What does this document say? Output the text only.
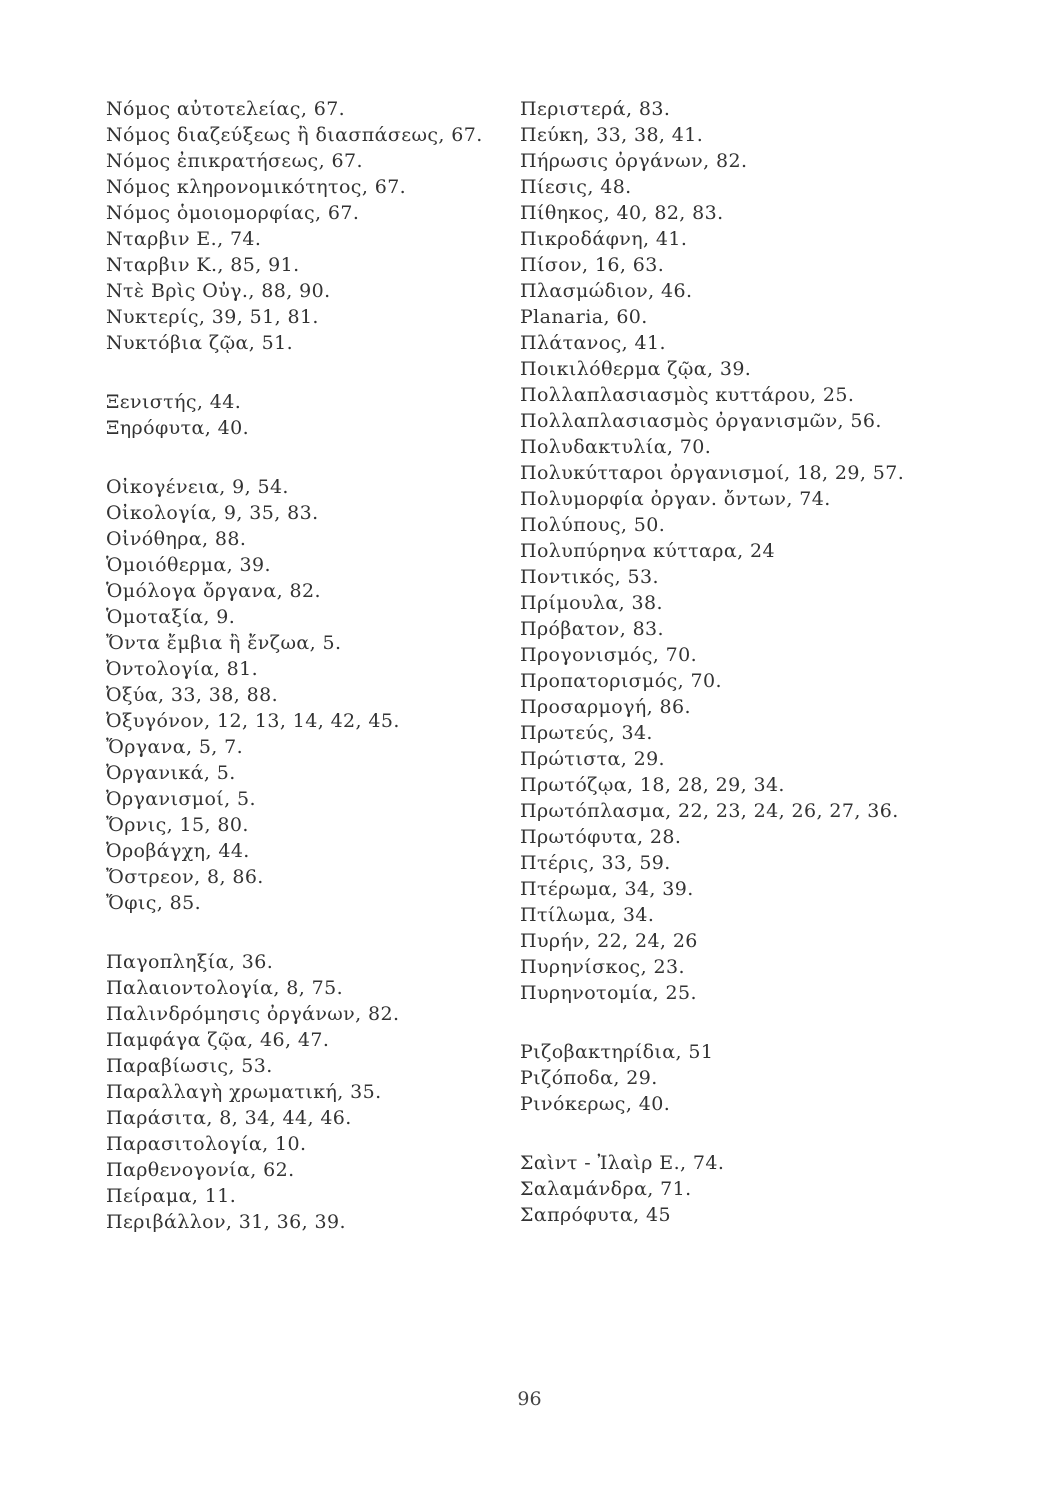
Νόμος αὐτοτελείας, 67.
Νόμος διαζεύξεως ἢ διασπάσεως, 67.
Νόμος ἐπικρατήσεως, 67.
Νόμος κληρονομικότητος, 67.
Νόμος ὁμοιομορφίας, 67.
Νταρβιν Ε., 74.
Νταρβιν Κ., 85, 91.
Ντὲ Βρὶς Οὐγ., 88, 90.
Νυκτερίς, 39, 51, 81.
Νυκτόβια ζῷα, 51.
Ξενιστής, 44.
Ξηρόφυτα, 40.
Οἰκογένεια, 9, 54.
Οἰκολογία, 9, 35, 83.
Οἰνόθηρα, 88.
Ὁμοιόθερμα, 39.
Ὁμόλογα ὄργανα, 82.
Ὁμοταξία, 9.
Ὄντα ἔμβια ἢ ἔνζωα, 5.
Ὀντολογία, 81.
Ὀξύα, 33, 38, 88.
Ὀξυγόνον, 12, 13, 14, 42, 45.
Ὄργανα, 5, 7.
Ὀργανικά, 5.
Ὀργανισμοί, 5.
Ὄρνις, 15, 80.
Ὀροβάγχη, 44.
Ὄστρεον, 8, 86.
Ὄφις, 85.
Παγοπληξία, 36.
Παλαιοντολογία, 8, 75.
Παλινδρόμησις ὀργάνων, 82.
Παμφάγα ζῷα, 46, 47.
Παραβίωσις, 53.
Παραλλαγὴ χρωματική, 35.
Παράσιτα, 8, 34, 44, 46.
Παρασιτολογία, 10.
Παρθενογονία, 62.
Πείραμα, 11.
Περιβάλλον, 31, 36, 39.
Περιστερά, 83.
Πεύκη, 33, 38, 41.
Πήρωσις ὀργάνων, 82.
Πίεσις, 48.
Πίθηκος, 40, 82, 83.
Πικροδάφνη, 41.
Πίσον, 16, 63.
Πλασμώδιον, 46.
Planaria, 60.
Πλάτανος, 41.
Ποικιλόθερμα ζῷα, 39.
Πολλαπλασιασμὸς κυττάρου, 25.
Πολλαπλασιασμὸς ὀργανισμῶν, 56.
Πολυδακτυλία, 70.
Πολυκύτταροι ὀργανισμοί, 18, 29, 57.
Πολυμορφία ὀργαν. ὄντων, 74.
Πολύπους, 50.
Πολυπύρηνα κύτταρα, 24
Ποντικός, 53.
Πρίμουλα, 38.
Πρόβατον, 83.
Προγονισμός, 70.
Προπατορισμός, 70.
Προσαρμογή, 86.
Πρωτεύς, 34.
Πρώτιστα, 29.
Πρωτόζῳα, 18, 28, 29, 34.
Πρωτόπλασμα, 22, 23, 24, 26, 27, 36.
Πρωτόφυτα, 28.
Πτέρις, 33, 59.
Πτέρωμα, 34, 39.
Πτίλωμα, 34.
Πυρήν, 22, 24, 26
Πυρηνίσκος, 23.
Πυρηνοτομία, 25.
Ριζοβακτηρίδια, 51
Ριζόποδα, 29.
Ρινόκερως, 40.
Σαὶντ - Ἰλαὶρ Ε., 74.
Σαλαμάνδρα, 71.
Σαπρόφυτα, 45
96
